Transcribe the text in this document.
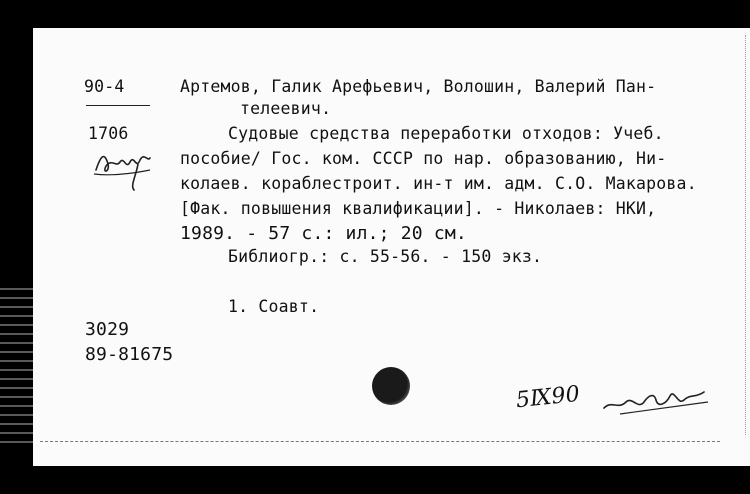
90-4
1706
Артемов, Галик Арефьевич, Волошин, Валерий Пан-
телеевич.
Судовые средства переработки отходов: Учеб.
пособие/ Гос. ком. СССР по нар. образованию, Ни-
колаев. кораблестроит. ин-т им. адм. С.О. Макарова.
[Фак. повышения квалификации]. - Николаев: НКИ,
1989. - 57 с.: ил.; 20 см.
Библиогр.: с. 55-56. - 150 экз.
1. Соавт.
3029
89-81675
5Ⅸ90
